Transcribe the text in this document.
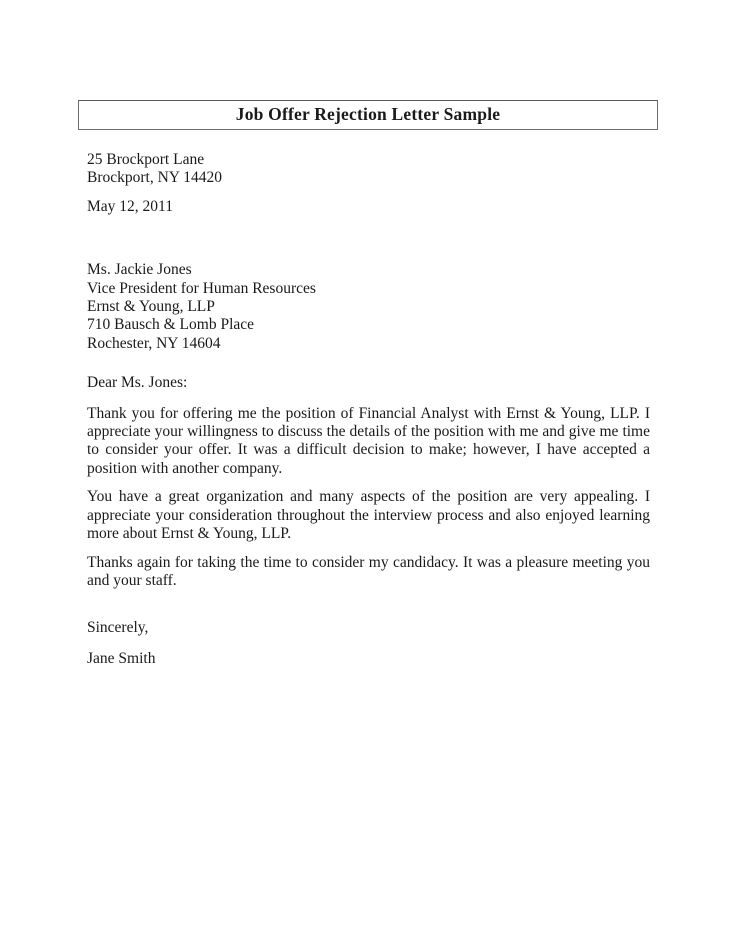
Job Offer Rejection Letter Sample
25 Brockport Lane
Brockport, NY 14420
May 12, 2011
Ms. Jackie Jones
Vice President for Human Resources
Ernst & Young, LLP
710 Bausch & Lomb Place
Rochester, NY 14604
Dear Ms. Jones:

Thank you for offering me the position of Financial Analyst with Ernst & Young, LLP. I appreciate your willingness to discuss the details of the position with me and give me time to consider your offer. It was a difficult decision to make; however, I have accepted a position with another company.

You have a great organization and many aspects of the position are very appealing. I appreciate your consideration throughout the interview process and also enjoyed learning more about Ernst & Young, LLP.

Thanks again for taking the time to consider my candidacy. It was a pleasure meeting you and your staff.

Sincerely,
Jane Smith
